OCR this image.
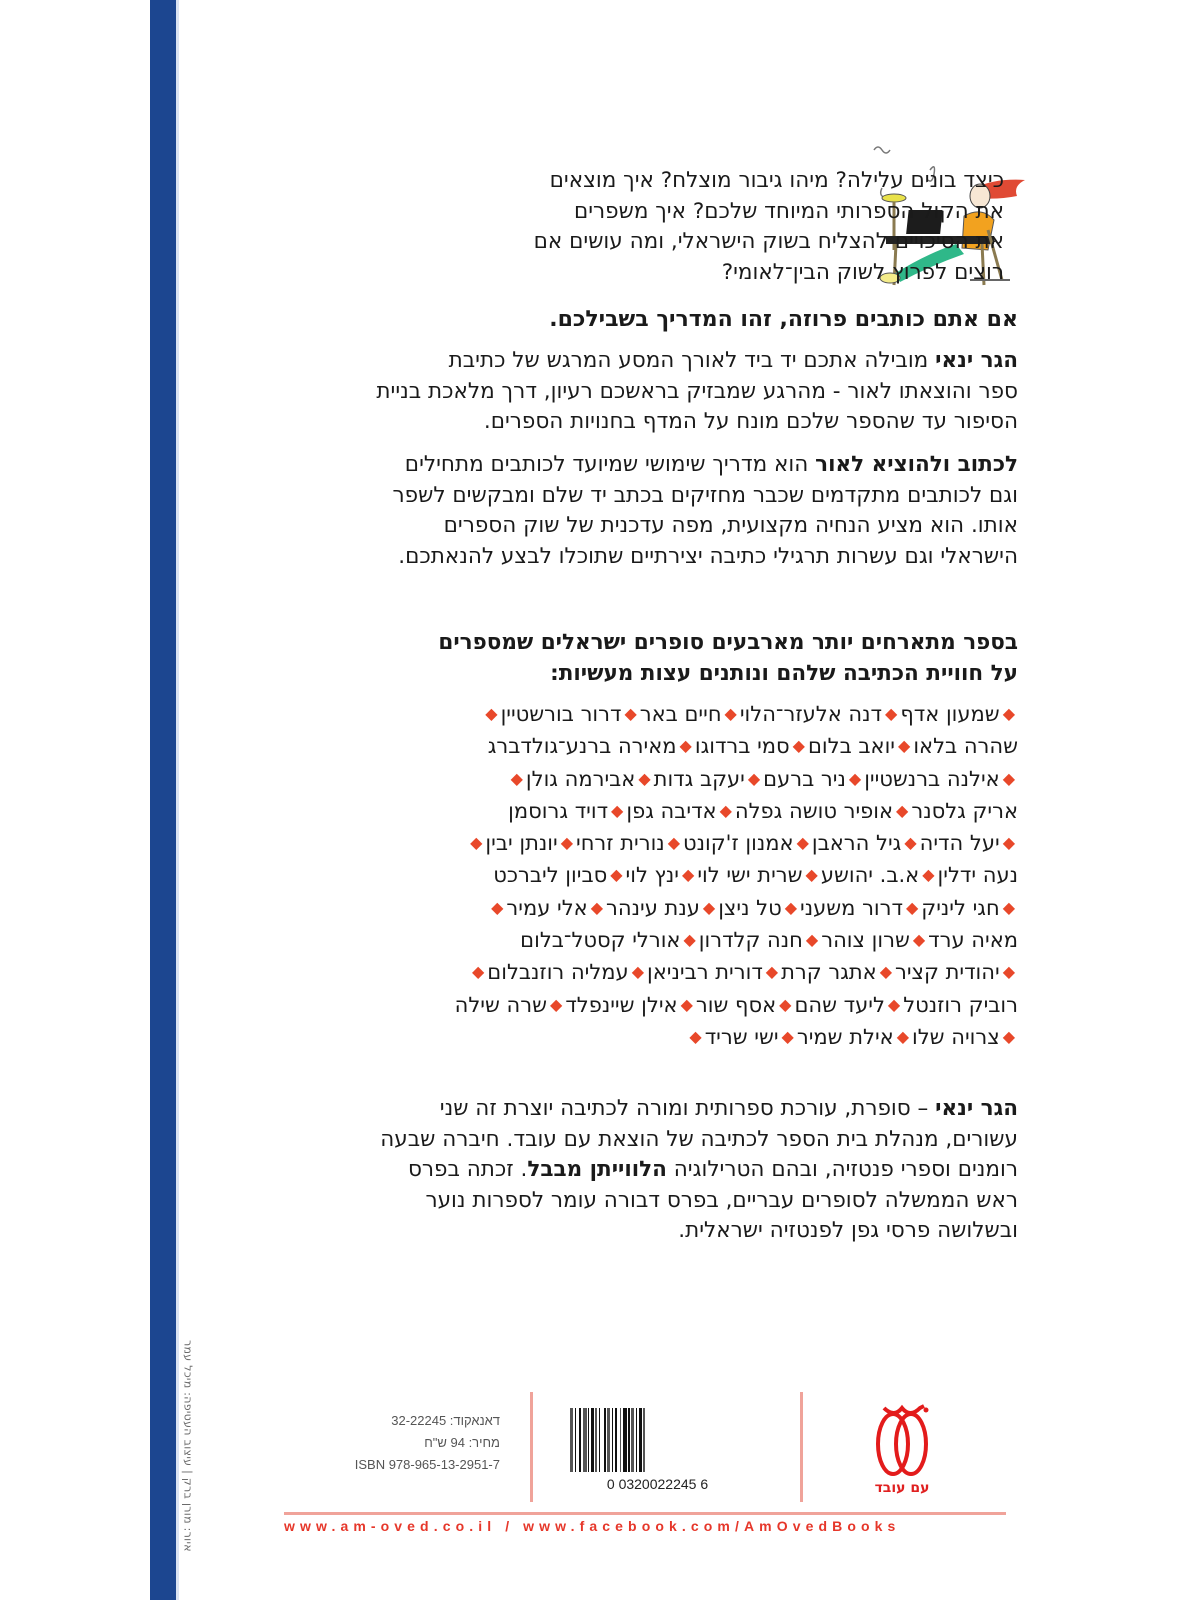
איור: מורן ברק | עיצוב העטיפה: מיכל עמר

כיצד בונים עלילה? מיהו גיבור מוצלח? איך מוצאים

את הקול הספרותי המיוחד שלכם? איך משפרים

את הסיכויים להצליח בשוק הישראלי, ומה עושים אם

רוצים לפרוץ לשוק הבין־לאומי?

אם אתם כותבים פרוזה, זהו המדריך בשבילכם.

הגר ינאי מובילה אתכם יד ביד לאורך המסע המרגש של כתיבת

ספר והוצאתו לאור - מהרגע שמבזיק בראשכם רעיון, דרך מלאכת בניית

הסיפור עד שהספר שלכם מונח על המדף בחנויות הספרים.

לכתוב ולהוציא לאור הוא מדריך שימושי שמיועד לכותבים מתחילים

וגם לכותבים מתקדמים שכבר מחזיקים בכתב יד שלם ומבקשים לשפר

אותו. הוא מציע הנחיה מקצועית, מפה עדכנית של שוק הספרים

הישראלי וגם עשרות תרגילי כתיבה יצירתיים שתוכלו לבצע להנאתכם.

בספר מתארחים יותר מארבעים סופרים ישראלים שמספרים

על חוויית הכתיבה שלהם ונותנים עצות מעשיות:

◆שמעון אדף◆דנה אלעזר־הלוי◆חיים באר◆דרור בורשטיין◆

שהרה בלאו◆יואב בלום◆סמי ברדוגו◆מאירה ברנע־גולדברג

◆אילנה ברנשטיין◆ניר ברעם◆יעקב גדות◆אבירמה גולן◆

אריק גלסנר◆אופיר טושה גפלה◆אדיבה גפן◆דויד גרוסמן

◆יעל הדיה◆גיל הראבן◆אמנון ז'קונט◆נורית זרחי◆יונתן יבין◆

נעה ידלין◆א.ב. יהושע◆שרית ישי לוי◆ינץ לוי◆סביון ליברכט

◆חגי ליניק◆דרור משעני◆טל ניצן◆ענת עינהר◆אלי עמיר◆

מאיה ערד◆שרון צוהר◆חנה קלדרון◆אורלי קסטל־בלום

◆יהודית קציר◆אתגר קרת◆דורית רביניאן◆עמליה רוזנבלום◆

רוביק רוזנטל◆ליעד שהם◆אסף שור◆אילן שיינפלד◆שרה שילה

◆צרויה שלו◆אילת שמיר◆ישי שריד◆

הגר ינאי – סופרת, עורכת ספרותית ומורה לכתיבה יוצרת זה שני

עשורים, מנהלת בית הספר לכתיבה של הוצאת עם עובד. חיברה שבעה

רומנים וספרי פנטזיה, ובהם הטרילוגיה הלווייתן מבבל. זכתה בפרס

ראש הממשלה לסופרים עבריים, בפרס דבורה עומר לספרות נוער

ובשלושה פרסי גפן לפנטזיה ישראלית.

דאנאקוד: 32-22245
מחיר: 94 ש"ח
ISBN 978-965-13-2951-7
0 0320022245 6	עם עובד
www.am-oved.co.il / www.facebook.com/AmOvedBooks
